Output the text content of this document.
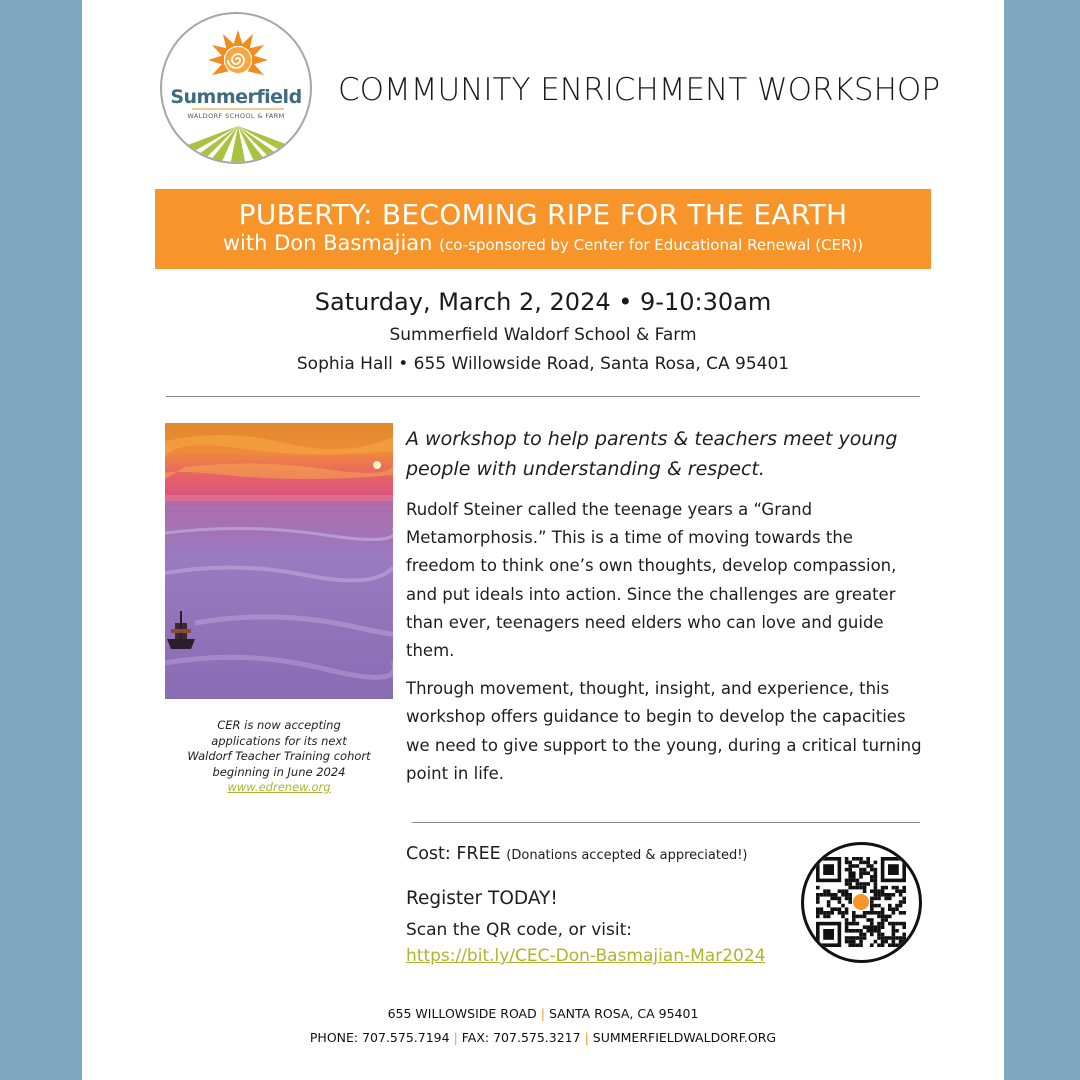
Summerfield
WALDORF SCHOOL & FARM
COMMUNITY ENRICHMENT WORKSHOP
PUBERTY: BECOMING RIPE FOR THE EARTH
with Don Basmajian (co-sponsored by Center for Educational Renewal (CER))
Saturday, March 2, 2024 • 9-10:30am
Summerfield Waldorf School & Farm
Sophia Hall • 655 Willowside Road, Santa Rosa, CA 95401
CER is now accepting
applications for its next
Waldorf Teacher Training cohort
beginning in June 2024
www.edrenew.org

A workshop to help parents & teachers meet young people with understanding & respect.

Rudolf Steiner called the teenage years a “Grand Metamorphosis.” This is a time of moving towards the freedom to think one’s own thoughts, develop compassion, and put ideals into action. Since the challenges are greater than ever, teenagers need elders who can love and guide them.

Through movement, thought, insight, and experience, this workshop offers guidance to begin to develop the capacities we need to give support to the young, during a critical turning point in life.

Cost: FREE (Donations accepted & appreciated!)
Register TODAY!
Scan the QR code, or visit:
https://bit.ly/CEC-Don-Basmajian-Mar2024
655 WILLOWSIDE ROAD | SANTA ROSA, CA 95401
PHONE: 707.575.7194 | FAX: 707.575.3217 | SUMMERFIELDWALDORF.ORG
